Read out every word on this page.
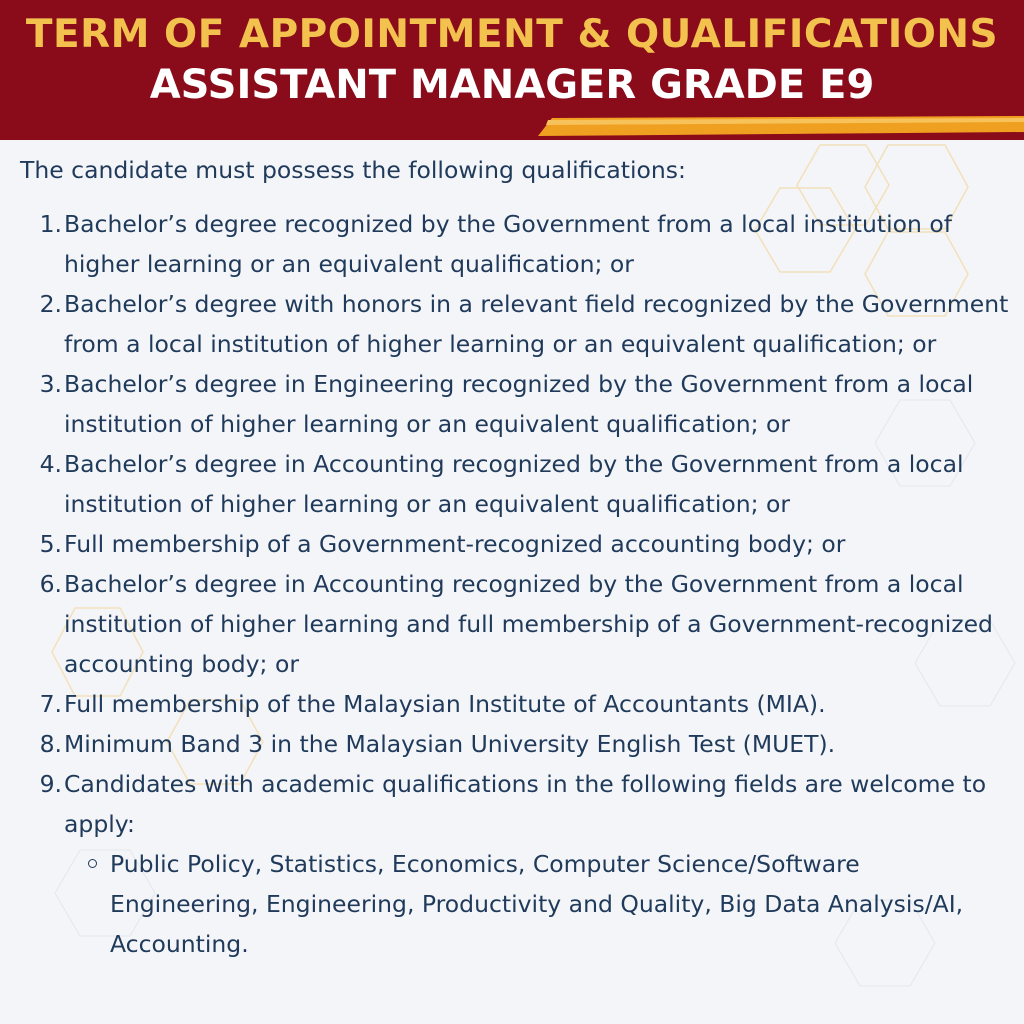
TERM OF APPOINTMENT & QUALIFICATIONS
ASSISTANT MANAGER GRADE E9

The candidate must possess the following qualifications:

1. Bachelor’s degree recognized by the Government from a local institution of higher learning or an equivalent qualification; or
2. Bachelor’s degree with honors in a relevant field recognized by the Government from a local institution of higher learning or an equivalent qualification; or
3. Bachelor’s degree in Engineering recognized by the Government from a local institution of higher learning or an equivalent qualification; or
4. Bachelor’s degree in Accounting recognized by the Government from a local institution of higher learning or an equivalent qualification; or
5. Full membership of a Government-recognized accounting body; or
6. Bachelor’s degree in Accounting recognized by the Government from a local institution of higher learning and full membership of a Government-recognized accounting body; or
7. Full membership of the Malaysian Institute of Accountants (MIA).
8. Minimum Band 3 in the Malaysian University English Test (MUET).
9. Candidates with academic qualifications in the following fields are welcome to apply:
Public Policy, Statistics, Economics, Computer Science/Software Engineering, Engineering, Productivity and Quality, Big Data Analysis/AI, Accounting.
